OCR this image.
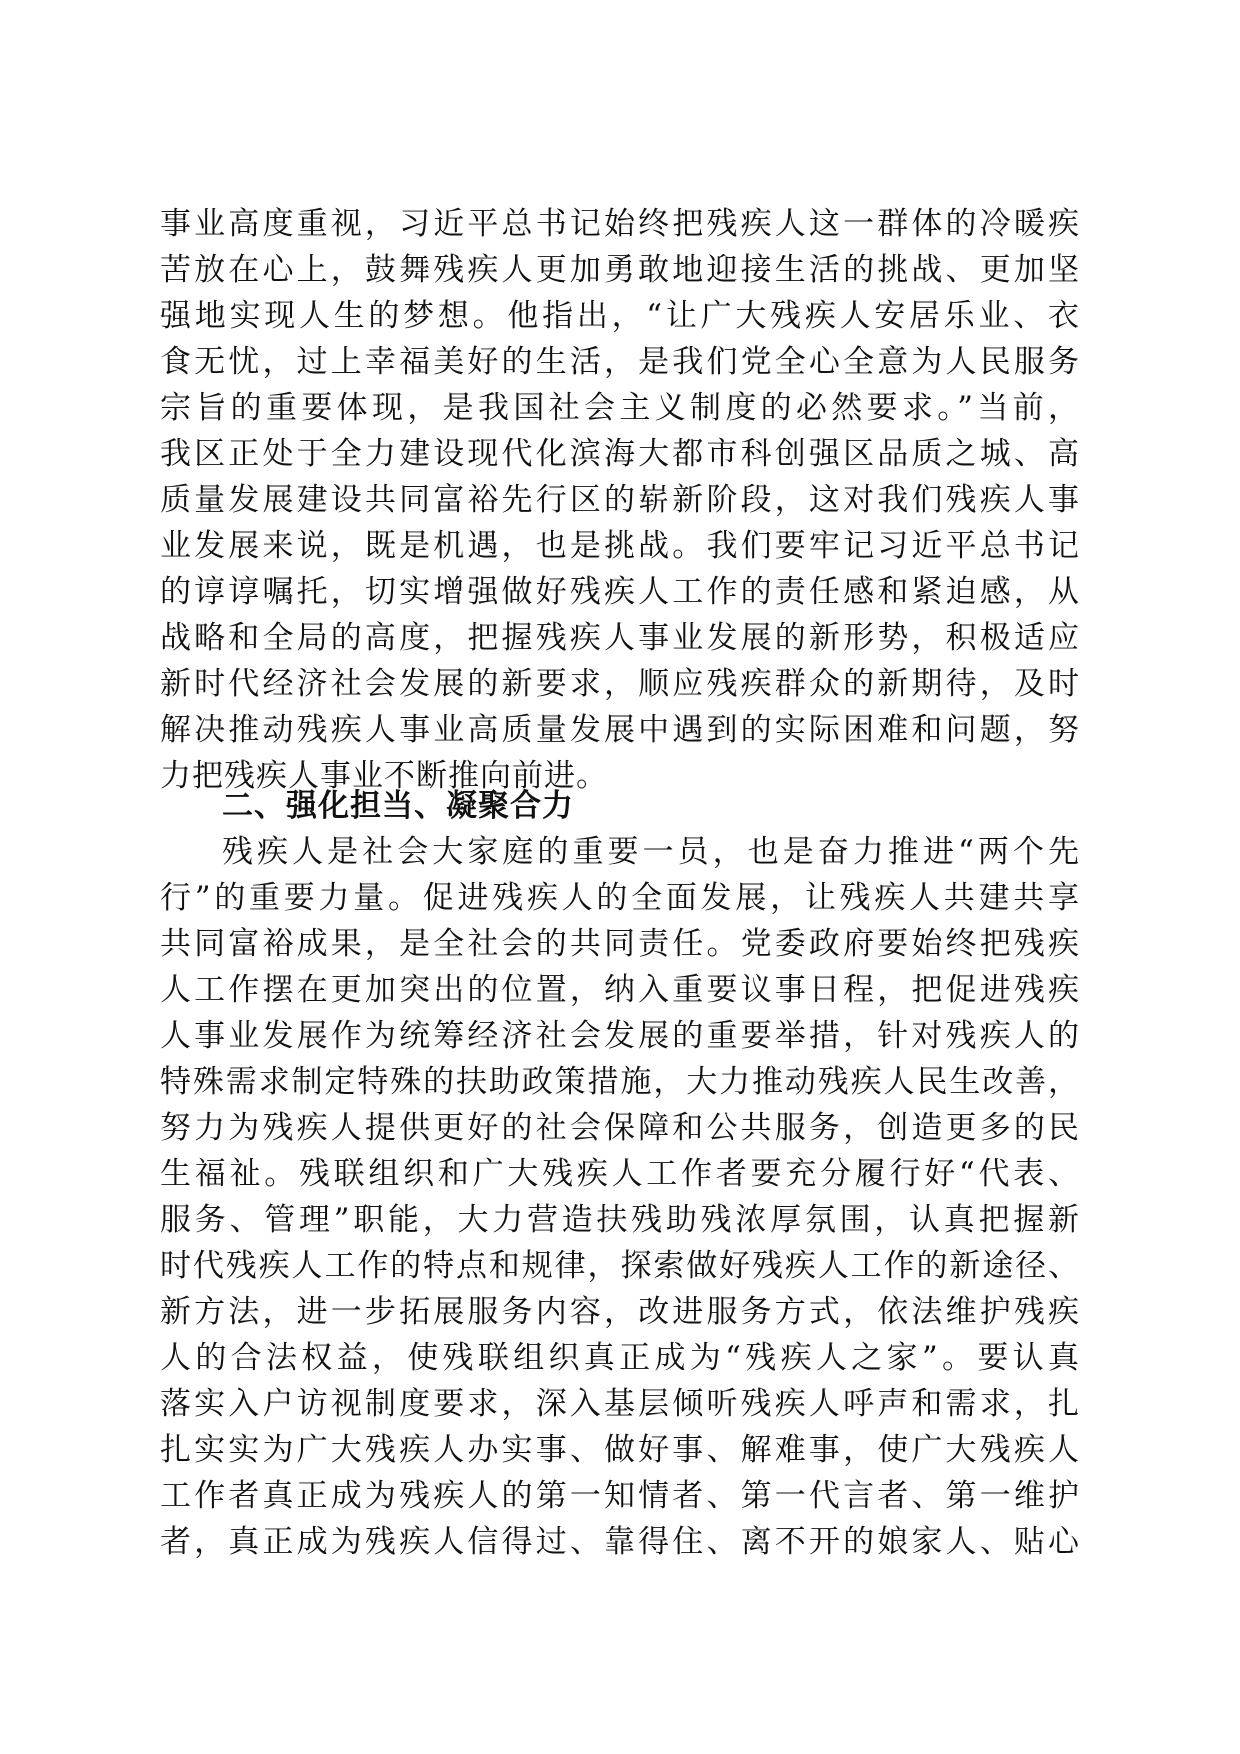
事业高度重视，习近平总书记始终把残疾人这一群体的冷暖疾
苦放在心上，鼓舞残疾人更加勇敢地迎接生活的挑战、更加坚
强地实现人生的梦想。他指出，“让广大残疾人安居乐业、衣
食无忧，过上幸福美好的生活，是我们党全心全意为人民服务
宗旨的重要体现，是我国社会主义制度的必然要求。”当前，
我区正处于全力建设现代化滨海大都市科创强区品质之城、高
质量发展建设共同富裕先行区的崭新阶段，这对我们残疾人事
业发展来说，既是机遇，也是挑战。我们要牢记习近平总书记
的谆谆嘱托，切实增强做好残疾人工作的责任感和紧迫感，从
战略和全局的高度，把握残疾人事业发展的新形势，积极适应
新时代经济社会发展的新要求，顺应残疾群众的新期待，及时
解决推动残疾人事业高质量发展中遇到的实际困难和问题，努
力把残疾人事业不断推向前进。
二、强化担当、凝聚合力
残疾人是社会大家庭的重要一员，也是奋力推进“两个先
行”的重要力量。促进残疾人的全面发展，让残疾人共建共享
共同富裕成果，是全社会的共同责任。党委政府要始终把残疾
人工作摆在更加突出的位置，纳入重要议事日程，把促进残疾
人事业发展作为统筹经济社会发展的重要举措，针对残疾人的
特殊需求制定特殊的扶助政策措施，大力推动残疾人民生改善，
努力为残疾人提供更好的社会保障和公共服务，创造更多的民
生福祉。残联组织和广大残疾人工作者要充分履行好“代表、
服务、管理”职能，大力营造扶残助残浓厚氛围，认真把握新
时代残疾人工作的特点和规律，探索做好残疾人工作的新途径、
新方法，进一步拓展服务内容，改进服务方式，依法维护残疾
人的合法权益，使残联组织真正成为“残疾人之家”。要认真
落实入户访视制度要求，深入基层倾听残疾人呼声和需求，扎
扎实实为广大残疾人办实事、做好事、解难事，使广大残疾人
工作者真正成为残疾人的第一知情者、第一代言者、第一维护
者，真正成为残疾人信得过、靠得住、离不开的娘家人、贴心
